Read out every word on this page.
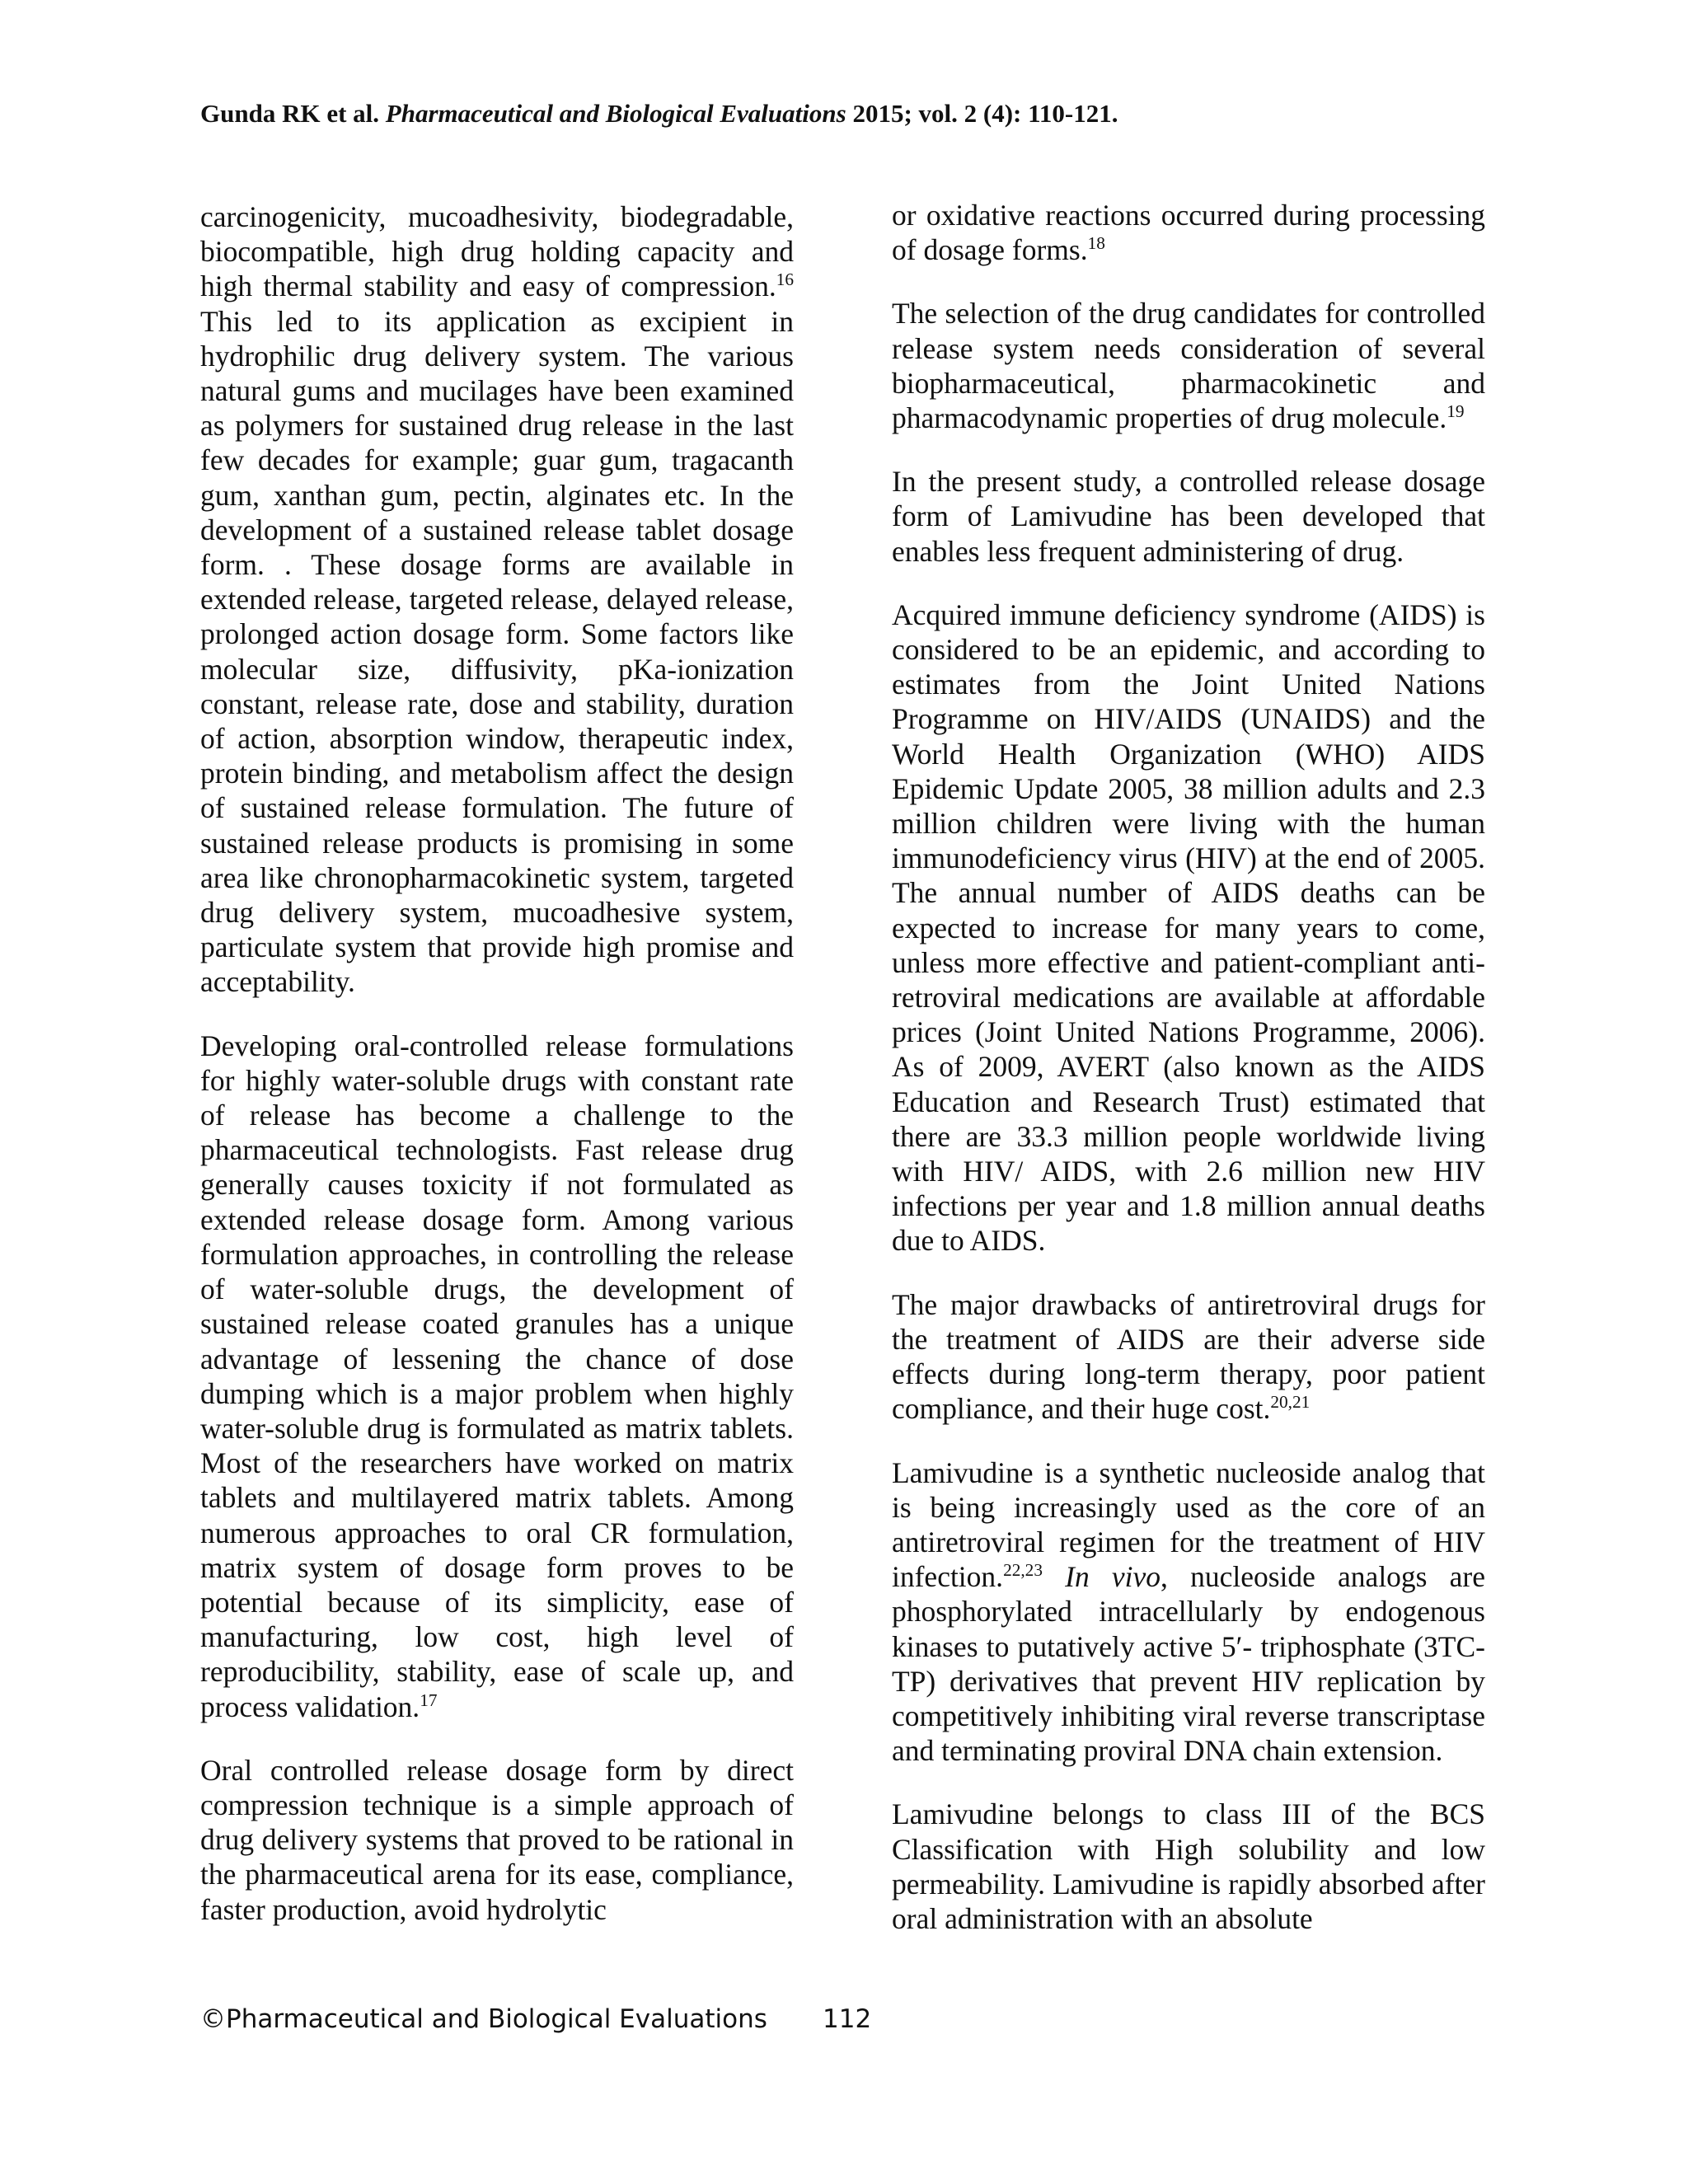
Gunda RK et al. Pharmaceutical and Biological Evaluations 2015; vol. 2 (4): 110-121.

carcinogenicity, mucoadhesivity, biodegradable, biocompatible, high drug holding capacity and high thermal stability and easy of compression.$^{16}$ This led to its application as excipient in hydrophilic drug delivery system. The various natural gums and mucilages have been examined as polymers for sustained drug release in the last few decades for example; guar gum, tragacanth gum, xanthan gum, pectin, alginates etc. In the development of a sustained release tablet dosage form. . These dosage forms are available in extended release, targeted release, delayed release, prolonged action dosage form. Some factors like molecular size, diffusivity, pKa-ionization constant, release rate, dose and stability, duration of action, absorption window, therapeutic index, protein binding, and metabolism affect the design of sustained release formulation. The future of sustained release products is promising in some area like chronopharmacokinetic system, targeted drug delivery system, mucoadhesive system, particulate system that provide high promise and acceptability.

Developing oral-controlled release formulations for highly water-soluble drugs with constant rate of release has become a challenge to the pharmaceutical technologists. Fast release drug generally causes toxicity if not formulated as extended release dosage form. Among various formulation approaches, in controlling the release of water-soluble drugs, the development of sustained release coated granules has a unique advantage of lessening the chance of dose dumping which is a major problem when highly water-soluble drug is formulated as matrix tablets. Most of the researchers have worked on matrix tablets and multilayered matrix tablets. Among numerous approaches to oral CR formulation, matrix system of dosage form proves to be potential because of its simplicity, ease of manufacturing, low cost, high level of reproducibility, stability, ease of scale up, and process validation.$^{17}$

Oral controlled release dosage form by direct compression technique is a simple approach of drug delivery systems that proved to be rational in the pharmaceutical arena for its ease, compliance, faster production, avoid hydrolytic

or oxidative reactions occurred during processing of dosage forms.$^{18}$

The selection of the drug candidates for controlled release system needs consideration of several biopharmaceutical, pharmacokinetic and pharmacodynamic properties of drug molecule.$^{19}$

In the present study, a controlled release dosage form of Lamivudine has been developed that enables less frequent administering of drug.

Acquired immune deficiency syndrome (AIDS) is considered to be an epidemic, and according to estimates from the Joint United Nations Programme on HIV/AIDS (UNAIDS) and the World Health Organization (WHO) AIDS Epidemic Update 2005, 38 million adults and 2.3 million children were living with the human immunodeficiency virus (HIV) at the end of 2005. The annual number of AIDS deaths can be expected to increase for many years to come, unless more effective and patient-compliant anti-retroviral medications are available at affordable prices (Joint United Nations Programme, 2006). As of 2009, AVERT (also known as the AIDS Education and Research Trust) estimated that there are 33.3 million people worldwide living with HIV/ AIDS, with 2.6 million new HIV infections per year and 1.8 million annual deaths due to AIDS.

The major drawbacks of antiretroviral drugs for the treatment of AIDS are their adverse side effects during long-term therapy, poor patient compliance, and their huge cost.$^{20,21}$

Lamivudine is a synthetic nucleoside analog that is being increasingly used as the core of an antiretroviral regimen for the treatment of HIV infection.$^{22,23}$ In vivo, nucleoside analogs are phosphorylated intracellularly by endogenous kinases to putatively active 5′- triphosphate (3TC-TP) derivatives that prevent HIV replication by competitively inhibiting viral reverse transcriptase and terminating proviral DNA chain extension.

Lamivudine belongs to class III of the BCS Classification with High solubility and low permeability. Lamivudine is rapidly absorbed after oral administration with an absolute

©Pharmaceutical and Biological Evaluations 112
